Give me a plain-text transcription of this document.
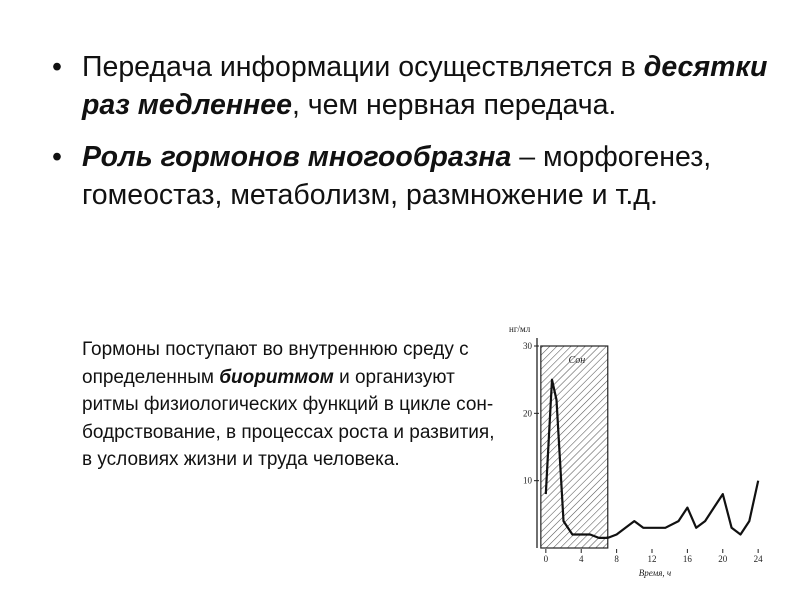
• Передача информации осуществляется в десятки раз медленнее, чем нервная передача.
• Роль гормонов многообразна – морфогенез, гомеостаз, метаболизм, размножение и т.д.

Гормоны поступают во внутреннюю среду с определенным биоритмом и организуют ритмы физиологических функций в цикле сон-бодрствование, в процессах роста и развития, в условиях жизни и труда человека.

10
20
30
0	4	8	12	16	20	24
нг/мл
Время, ч
Сон
